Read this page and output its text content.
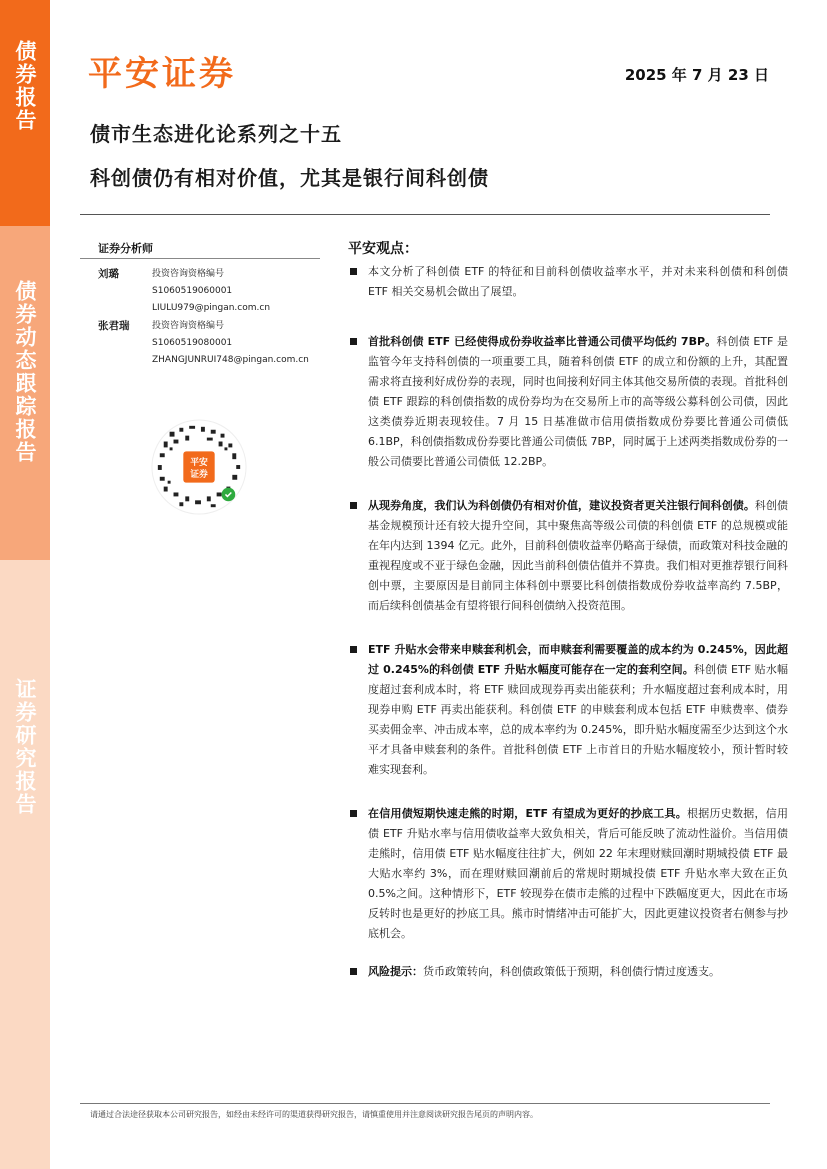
债券报告
债券动态跟踪报告
证券研究报告
平安证券	2025 年 7 月 23 日
债市生态进化论系列之十五
科创债仍有相对价值，尤其是银行间科创债
证券分析师
刘璐	投资咨询资格编号
S1060519060001
LIULU979@pingan.com.cn
张君瑞	投资咨询资格编号
S1060519080001
ZHANGJUNRUI748@pingan.com.cn
平安
证券
平安观点：
本文分析了科创债 ETF 的特征和目前科创债收益率水平，并对未来科创债和科创债 ETF 相关交易机会做出了展望。
首批科创债 ETF 已经使得成份券收益率比普通公司债平均低约 7BP。科创债 ETF 是监管今年支持科创债的一项重要工具，随着科创债 ETF 的成立和份额的上升，其配置需求将直接利好成份券的表现，同时也间接利好同主体其他交易所债的表现。首批科创债 ETF 跟踪的科创债指数的成份券均为在交易所上市的高等级公募科创公司债，因此这类债券近期表现较佳。7 月 15 日基准做市信用债指数成份券要比普通公司债低 6.1BP，科创债指数成份券要比普通公司债低 7BP，同时属于上述两类指数成份券的一般公司债要比普通公司债低 12.2BP。
从现券角度，我们认为科创债仍有相对价值，建议投资者更关注银行间科创债。科创债基金规模预计还有较大提升空间，其中聚焦高等级公司债的科创债 ETF 的总规模或能在年内达到 1394 亿元。此外，目前科创债收益率仍略高于绿债，而政策对科技金融的重视程度或不亚于绿色金融，因此当前科创债估值并不算贵。我们相对更推荐银行间科创中票，主要原因是目前同主体科创中票要比科创债指数成份券收益率高约 7.5BP，而后续科创债基金有望将银行间科创债纳入投资范围。
ETF 升贴水会带来申赎套利机会，而申赎套利需要覆盖的成本约为 0.245%，因此超过 0.245%的科创债 ETF 升贴水幅度可能存在一定的套利空间。科创债 ETF 贴水幅度超过套利成本时，将 ETF 赎回成现券再卖出能获利；升水幅度超过套利成本时，用现券申购 ETF 再卖出能获利。科创债 ETF 的申赎套利成本包括 ETF 申赎费率、债券买卖佣金率、冲击成本率，总的成本率约为 0.245%，即升贴水幅度需至少达到这个水平才具备申赎套利的条件。首批科创债 ETF 上市首日的升贴水幅度较小，预计暂时较难实现套利。
在信用债短期快速走熊的时期，ETF 有望成为更好的抄底工具。根据历史数据，信用债 ETF 升贴水率与信用债收益率大致负相关，背后可能反映了流动性溢价。当信用债走熊时，信用债 ETF 贴水幅度往往扩大，例如 22 年末理财赎回潮时期城投债 ETF 最大贴水率约 3%，而在理财赎回潮前后的常规时期城投债 ETF 升贴水率大致在正负 0.5%之间。这种情形下，ETF 较现券在债市走熊的过程中下跌幅度更大，因此在市场反转时也是更好的抄底工具。熊市时情绪冲击可能扩大，因此更建议投资者右侧参与抄底机会。
风险提示：货币政策转向，科创债政策低于预期，科创债行情过度透支。
请通过合法途径获取本公司研究报告，如经由未经许可的渠道获得研究报告，请慎重使用并注意阅读研究报告尾页的声明内容。
